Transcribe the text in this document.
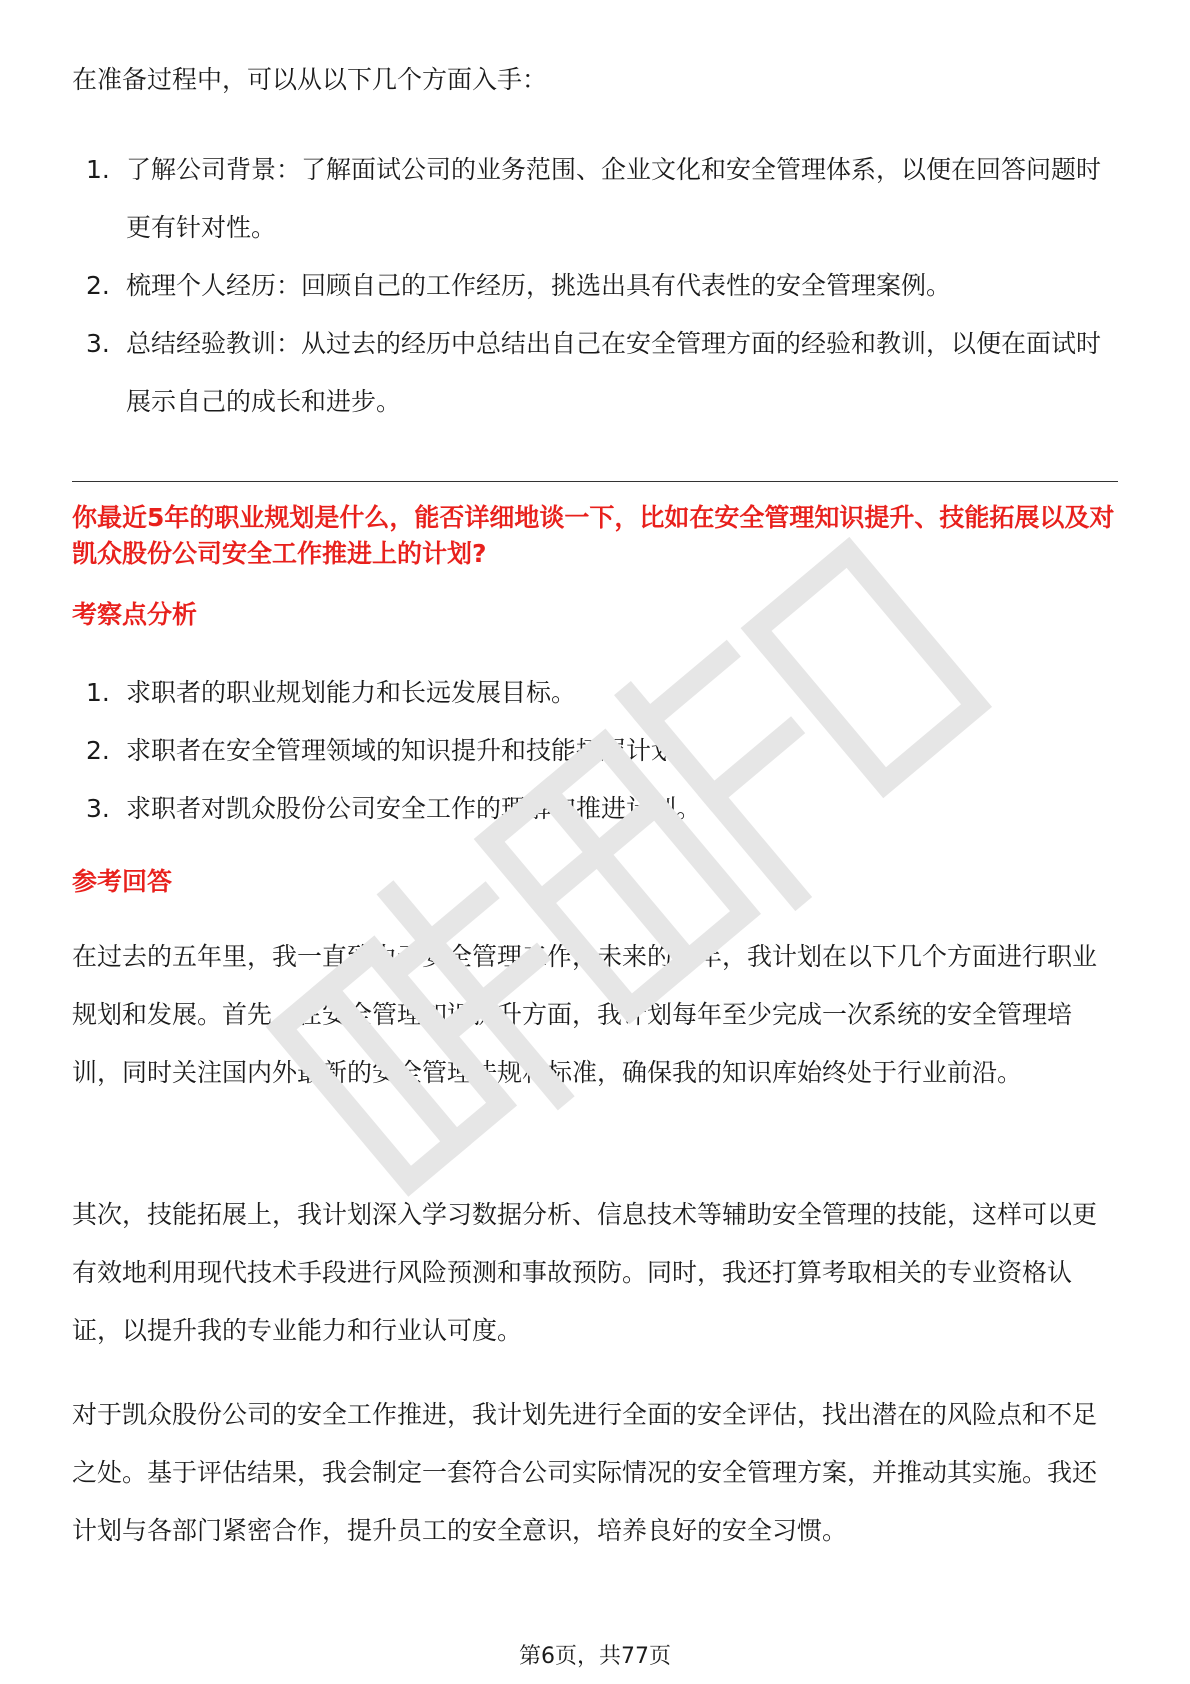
在准备过程中，可以从以下几个方面入手：

1. 了解公司背景：了解面试公司的业务范围、企业文化和安全管理体系，以便在回答问题时更有针对性。
2. 梳理个人经历：回顾自己的工作经历，挑选出具有代表性的安全管理案例。
3. 总结经验教训：从过去的经历中总结出自己在安全管理方面的经验和教训，以便在面试时展示自己的成长和进步。

你最近5年的职业规划是什么，能否详细地谈一下，比如在安全管理知识提升、技能拓展以及对凯众股份公司安全工作推进上的计划?

考察点分析

1. 求职者的职业规划能力和长远发展目标。
2. 求职者在安全管理领域的知识提升和技能拓展计划。
3. 求职者对凯众股份公司安全工作的理解和推进计划。

参考回答

在过去的五年里，我一直致力于安全管理工作，未来的五年，我计划在以下几个方面进行职业规划和发展。首先，在安全管理知识提升方面，我计划每年至少完成一次系统的安全管理培训，同时关注国内外最新的安全管理法规和标准，确保我的知识库始终处于行业前沿。

其次，技能拓展上，我计划深入学习数据分析、信息技术等辅助安全管理的技能，这样可以更有效地利用现代技术手段进行风险预测和事故预防。同时，我还打算考取相关的专业资格认证，以提升我的专业能力和行业认可度。

对于凯众股份公司的安全工作推进，我计划先进行全面的安全评估，找出潜在的风险点和不足之处。基于评估结果，我会制定一套符合公司实际情况的安全管理方案，并推动其实施。我还计划与各部门紧密合作，提升员工的安全意识，培养良好的安全习惯。

第6页，共77页
